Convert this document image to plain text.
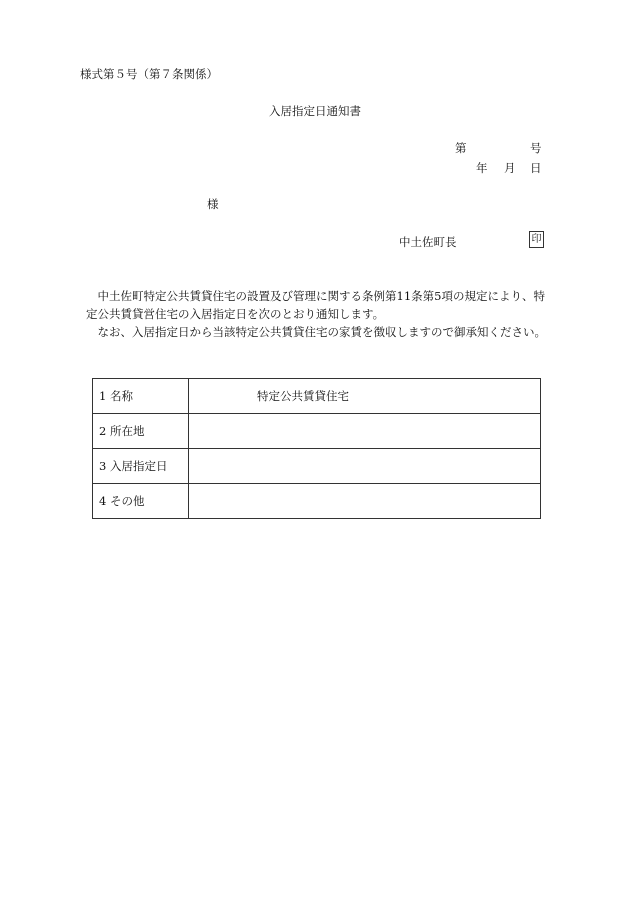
様式第５号（第７条関係）
入居指定日通知書
第	号
年 月 日
様
中土佐町長	印

中土佐町特定公共賃貸住宅の設置及び管理に関する条例第11条第5項の規定により、特定公共賃貸営住宅の入居指定日を次のとおり通知します。

なお、入居指定日から当該特定公共賃貸住宅の家賃を徴収しますので御承知ください。

1 名称	特定公共賃貸住宅
2 所在地	
3 入居指定日	
4 その他	
